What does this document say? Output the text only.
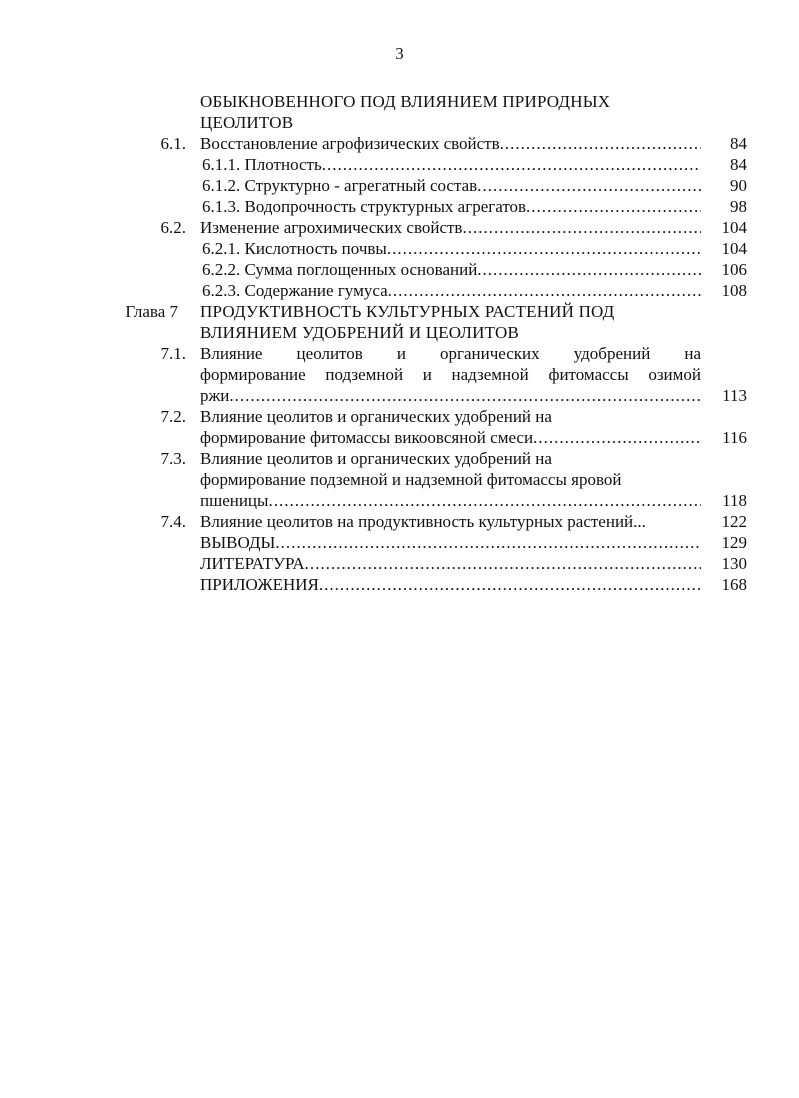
3
ОБЫКНОВЕННОГО ПОД ВЛИЯНИЕМ ПРИРОДНЫХ
ЦЕОЛИТОВ
6.1. Восстановление агрофизических свойств .....	84
6.1.1. Плотность .....	84
6.1.2. Структурно - агрегатный состав .....	90
6.1.3. Водопрочность структурных агрегатов .....	98
6.2. Изменение агрохимических свойств .....	104
6.2.1. Кислотность почвы .....	104
6.2.2. Сумма поглощенных оснований .....	106
6.2.3. Содержание гумуса .....	108
Глава 7	ПРОДУКТИВНОСТЬ КУЛЬТУРНЫХ РАСТЕНИЙ ПОД
ВЛИЯНИЕМ УДОБРЕНИЙ И ЦЕОЛИТОВ
7.1. Влияние цеолитов и органических удобрений на
формирование подземной и надземной фитомассы озимой
ржи .....	113
7.2. Влияние цеолитов и органических удобрений на
формирование фитомассы викоовсяной смеси .....	116
7.3. Влияние цеолитов и органических удобрений на
формирование подземной и надземной фитомассы яровой
пшеницы .....	118
7.4. Влияние цеолитов на продуктивность культурных растений...	122
ВЫВОДЫ .....	129
ЛИТЕРАТУРА .....	130
ПРИЛОЖЕНИЯ .....	168
